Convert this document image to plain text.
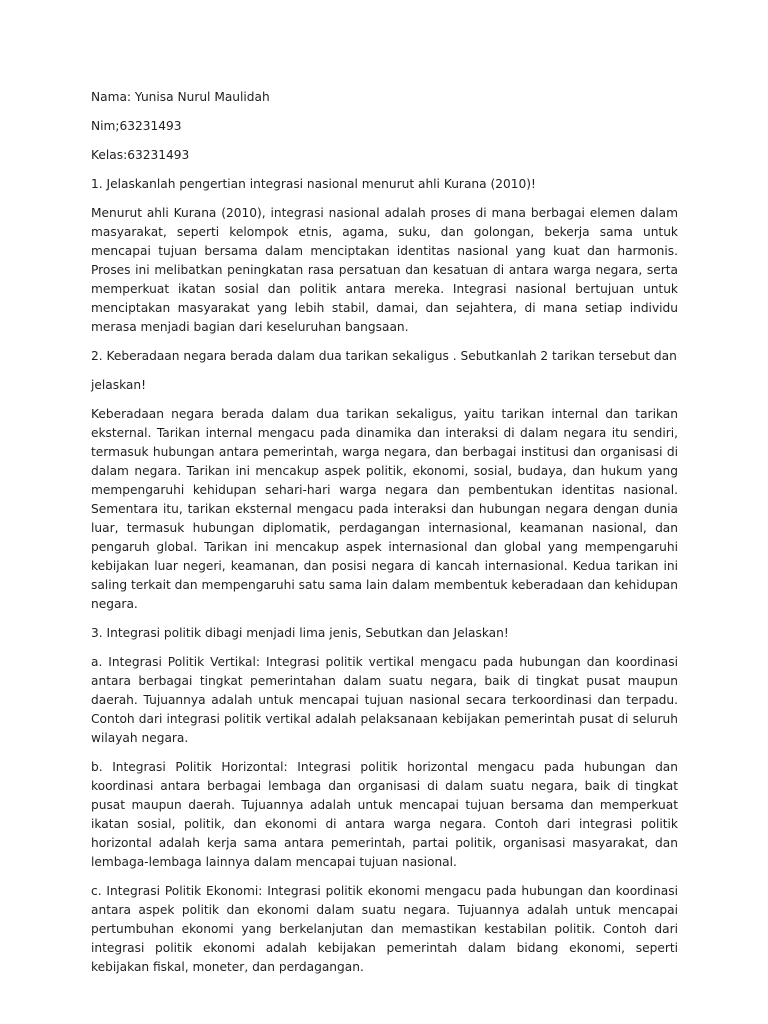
Nama: Yunisa Nurul Maulidah

Nim;63231493

Kelas:63231493

1. Jelaskanlah pengertian integrasi nasional menurut ahli Kurana (2010)!

Menurut ahli Kurana (2010), integrasi nasional adalah proses di mana berbagai elemen dalam masyarakat, seperti kelompok etnis, agama, suku, dan golongan, bekerja sama untuk mencapai tujuan bersama dalam menciptakan identitas nasional yang kuat dan harmonis. Proses ini melibatkan peningkatan rasa persatuan dan kesatuan di antara warga negara, serta memperkuat ikatan sosial dan politik antara mereka. Integrasi nasional bertujuan untuk menciptakan masyarakat yang lebih stabil, damai, dan sejahtera, di mana setiap individu merasa menjadi bagian dari keseluruhan bangsaan.

2. Keberadaan negara berada dalam dua tarikan sekaligus . Sebutkanlah 2 tarikan tersebut dan

jelaskan!

Keberadaan negara berada dalam dua tarikan sekaligus, yaitu tarikan internal dan tarikan eksternal. Tarikan internal mengacu pada dinamika dan interaksi di dalam negara itu sendiri, termasuk hubungan antara pemerintah, warga negara, dan berbagai institusi dan organisasi di dalam negara. Tarikan ini mencakup aspek politik, ekonomi, sosial, budaya, dan hukum yang mempengaruhi kehidupan sehari-hari warga negara dan pembentukan identitas nasional. Sementara itu, tarikan eksternal mengacu pada interaksi dan hubungan negara dengan dunia luar, termasuk hubungan diplomatik, perdagangan internasional, keamanan nasional, dan pengaruh global. Tarikan ini mencakup aspek internasional dan global yang mempengaruhi kebijakan luar negeri, keamanan, dan posisi negara di kancah internasional. Kedua tarikan ini saling terkait dan mempengaruhi satu sama lain dalam membentuk keberadaan dan kehidupan negara.

3. Integrasi politik dibagi menjadi lima jenis, Sebutkan dan Jelaskan!

a. Integrasi Politik Vertikal: Integrasi politik vertikal mengacu pada hubungan dan koordinasi antara berbagai tingkat pemerintahan dalam suatu negara, baik di tingkat pusat maupun daerah. Tujuannya adalah untuk mencapai tujuan nasional secara terkoordinasi dan terpadu. Contoh dari integrasi politik vertikal adalah pelaksanaan kebijakan pemerintah pusat di seluruh wilayah negara.

b. Integrasi Politik Horizontal: Integrasi politik horizontal mengacu pada hubungan dan koordinasi antara berbagai lembaga dan organisasi di dalam suatu negara, baik di tingkat pusat maupun daerah. Tujuannya adalah untuk mencapai tujuan bersama dan memperkuat ikatan sosial, politik, dan ekonomi di antara warga negara. Contoh dari integrasi politik horizontal adalah kerja sama antara pemerintah, partai politik, organisasi masyarakat, dan lembaga-lembaga lainnya dalam mencapai tujuan nasional.

c. Integrasi Politik Ekonomi: Integrasi politik ekonomi mengacu pada hubungan dan koordinasi antara aspek politik dan ekonomi dalam suatu negara. Tujuannya adalah untuk mencapai pertumbuhan ekonomi yang berkelanjutan dan memastikan kestabilan politik. Contoh dari integrasi politik ekonomi adalah kebijakan pemerintah dalam bidang ekonomi, seperti kebijakan fiskal, moneter, dan perdagangan.
